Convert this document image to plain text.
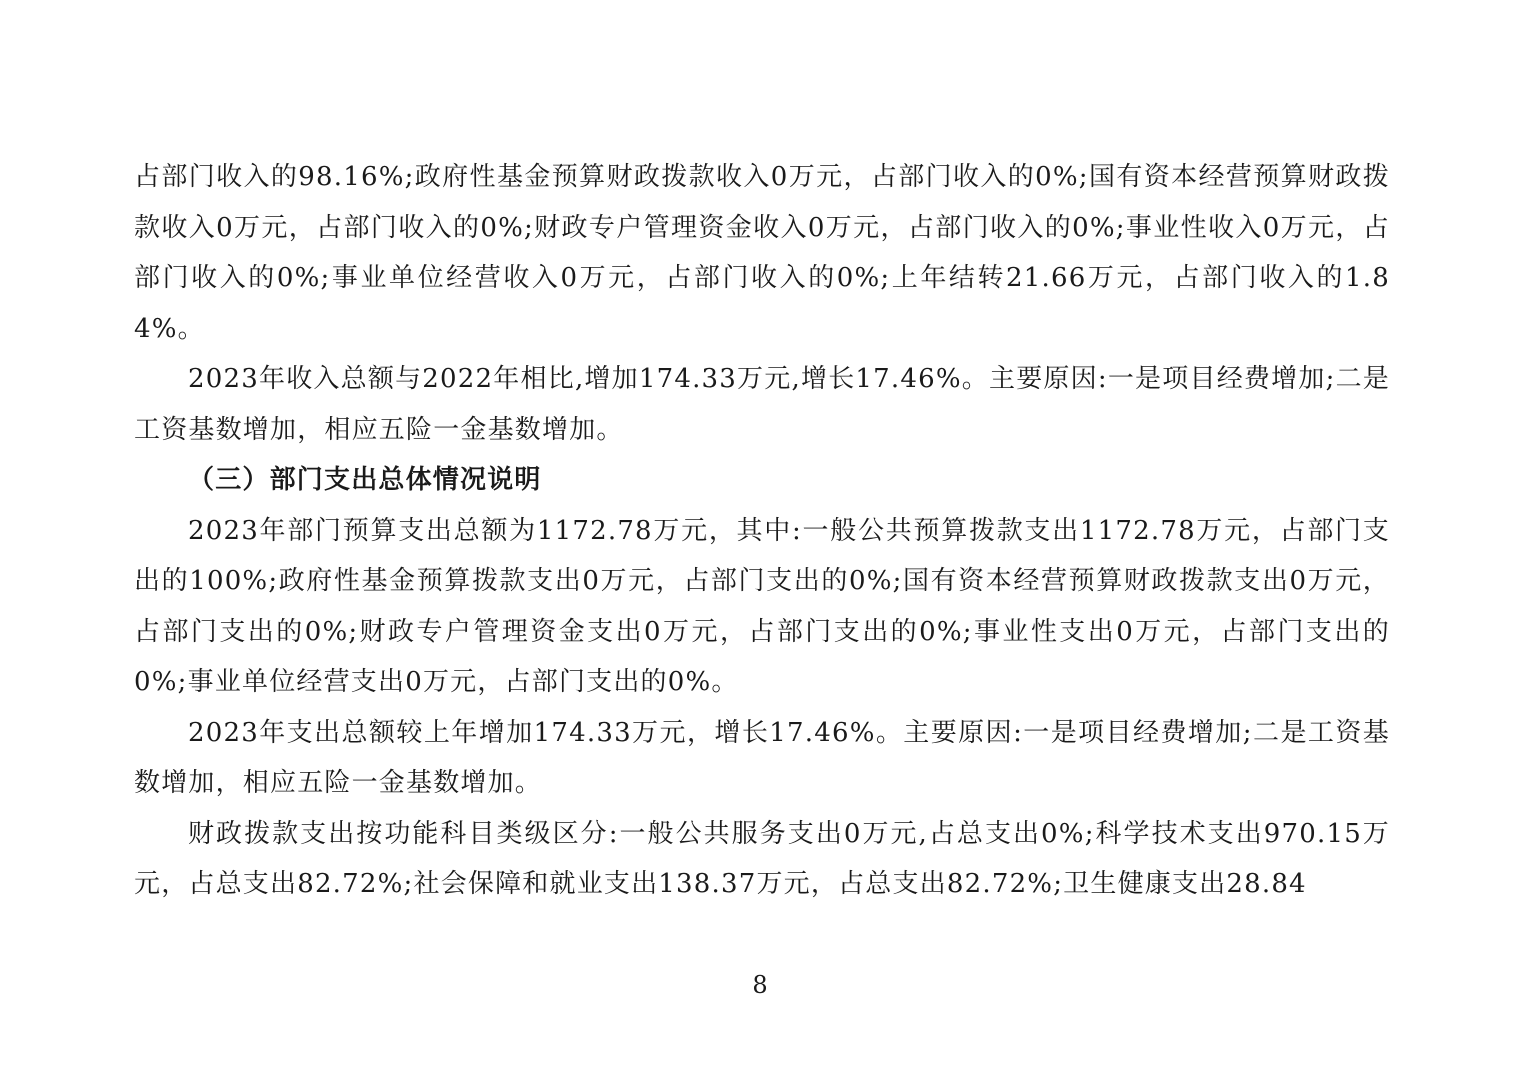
占部门收入的98.16%;政府性基金预算财政拨款收入0万元，占部门收入的0%;国有资本经营预算财政拨款收入0万元，占部门收入的0%;财政专户管理资金收入0万元，占部门收入的0%;事业性收入0万元，占部门收入的0%;事业单位经营收入0万元，占部门收入的0%;上年结转21.66万元，占部门收入的1.84%。

2023年收入总额与2022年相比,增加174.33万元,增长17.46%。主要原因:一是项目经费增加;二是工资基数增加，相应五险一金基数增加。

（三）部门支出总体情况说明

2023年部门预算支出总额为1172.78万元，其中:一般公共预算拨款支出1172.78万元，占部门支出的100%;政府性基金预算拨款支出0万元，占部门支出的0%;国有资本经营预算财政拨款支出0万元，占部门支出的0%;财政专户管理资金支出0万元，占部门支出的0%;事业性支出0万元，占部门支出的0%;事业单位经营支出0万元，占部门支出的0%。

2023年支出总额较上年增加174.33万元，增长17.46%。主要原因:一是项目经费增加;二是工资基数增加，相应五险一金基数增加。

财政拨款支出按功能科目类级区分:一般公共服务支出0万元,占总支出0%;科学技术支出970.15万元，占总支出82.72%;社会保障和就业支出138.37万元，占总支出82.72%;卫生健康支出28.84

8
